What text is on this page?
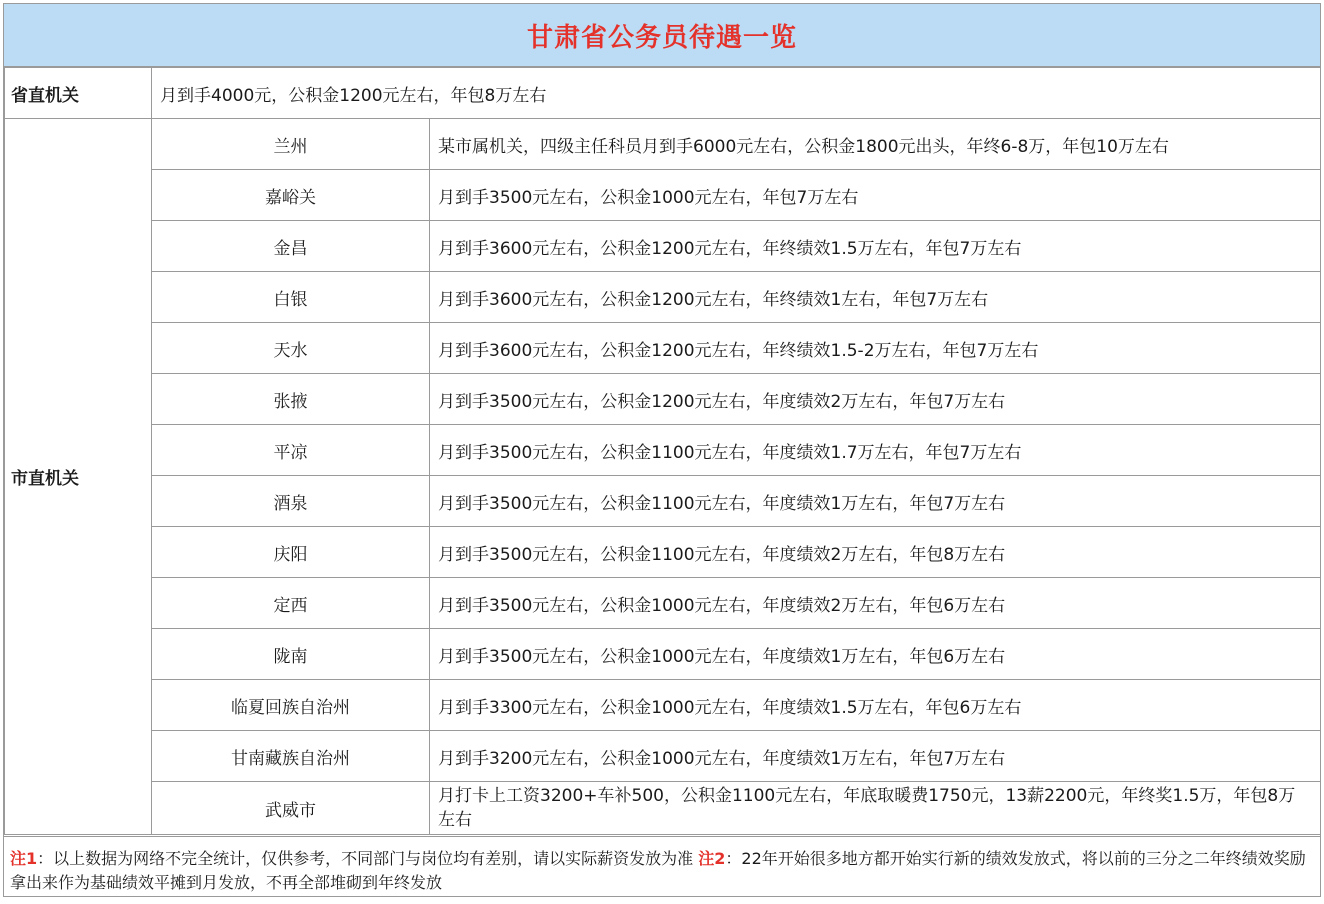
甘肃省公务员待遇一览
省直机关	月到手4000元，公积金1200元左右，年包8万左右	
市直机关	兰州	某市属机关，四级主任科员月到手6000元左右，公积金1800元出头，年终6-8万，年包10万左右
	嘉峪关	月到手3500元左右，公积金1000元左右，年包7万左右
	金昌	月到手3600元左右，公积金1200元左右，年终绩效1.5万左右，年包7万左右
	白银	月到手3600元左右，公积金1200元左右，年终绩效1左右，年包7万左右
	天水	月到手3600元左右，公积金1200元左右，年终绩效1.5-2万左右，年包7万左右
	张掖	月到手3500元左右，公积金1200元左右，年度绩效2万左右，年包7万左右
	平凉	月到手3500元左右，公积金1100元左右，年度绩效1.7万左右，年包7万左右
	酒泉	月到手3500元左右，公积金1100元左右，年度绩效1万左右，年包7万左右
	庆阳	月到手3500元左右，公积金1100元左右，年度绩效2万左右，年包8万左右
	定西	月到手3500元左右，公积金1000元左右，年度绩效2万左右，年包6万左右
	陇南	月到手3500元左右，公积金1000元左右，年度绩效1万左右，年包6万左右
	临夏回族自治州	月到手3300元左右，公积金1000元左右，年度绩效1.5万左右，年包6万左右
	甘南藏族自治州	月到手3200元左右，公积金1000元左右，年度绩效1万左右，年包7万左右
	武威市	月打卡上工资3200+车补500，公积金1100元左右，年底取暖费1750元，13薪2200元，年终奖1.5万，年包8万左右
注1：以上数据为网络不完全统计，仅供参考，不同部门与岗位均有差别，请以实际薪资发放为准 注2：22年开始很多地方都开始实行新的绩效发放式，将以前的三分之二年终绩效奖励拿出来作为基础绩效平摊到月发放，不再全部堆砌到年终发放
